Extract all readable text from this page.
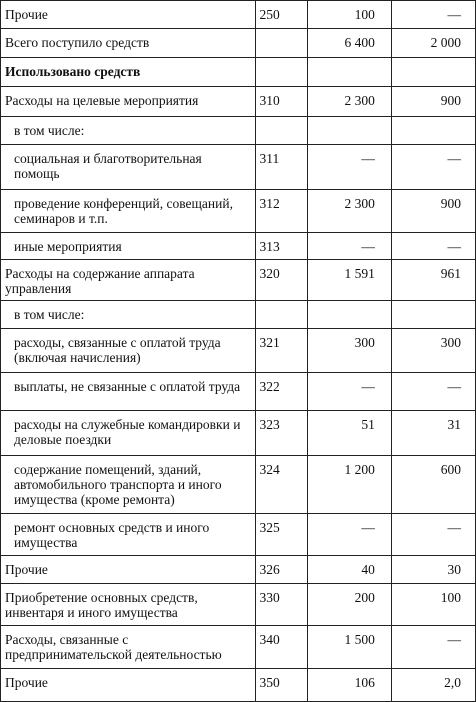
Прочие	250	100	—

Всего поступило средств		6 400	2 000

Использовано средств			

Расходы на целевые мероприятия	310	2 300	900

в том числе:			

социальная и благотворительная помощь	311	—	—

проведение конференций, совещаний, семинаров и т.п.	312	2 300	900

иные мероприятия	313	—	—

Расходы на содержание аппарата управления	320	1 591	961

в том числе:			

расходы, связанные с оплатой труда (включая начисления)	321	300	300

выплаты, не связанные с оплатой труда	322	—	—

расходы на служебные командировки и деловые поездки	323	51	31

содержание помещений, зданий, автомобильного транспорта и иного имущества (кроме ремонта)	324	1 200	600

ремонт основных средств и иного имущества	325	—	—

Прочие	326	40	30

Приобретение основных средств, инвентаря и иного имущества	330	200	100

Расходы, связанные с предпринимательской деятельностью	340	1 500	—

Прочие	350	106	2,0
